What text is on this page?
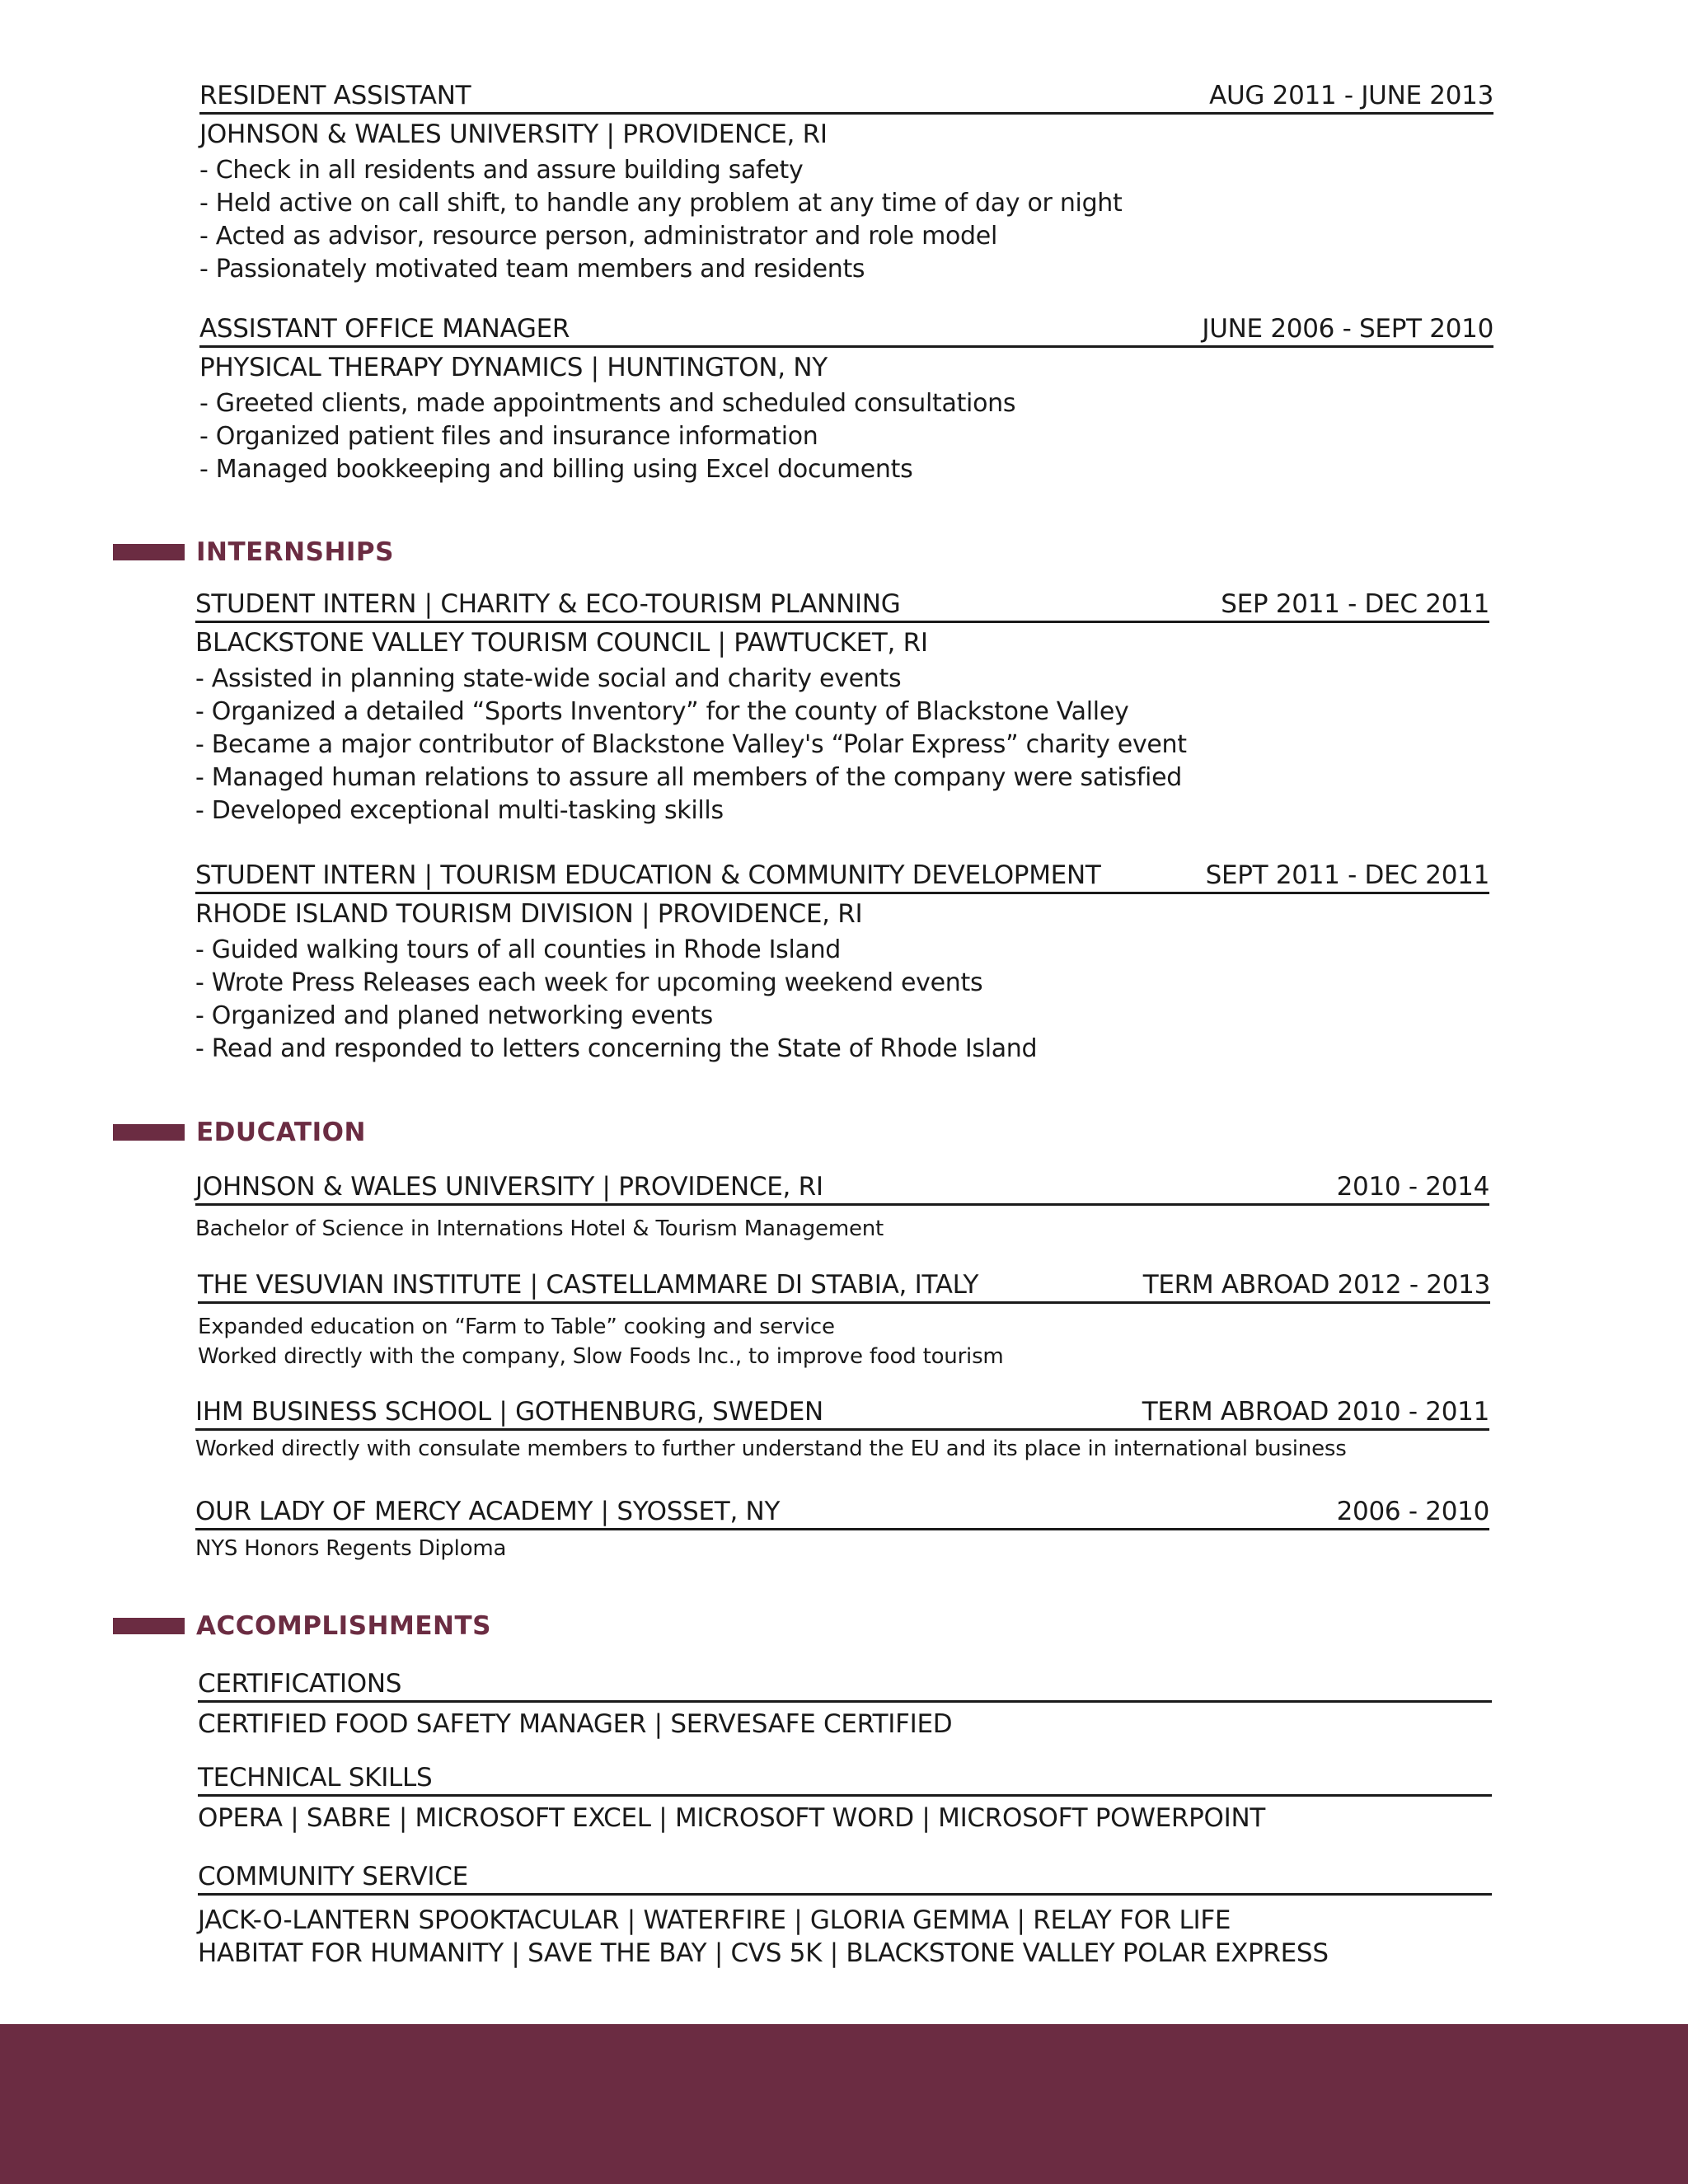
RESIDENT ASSISTANT	AUG 2011 - JUNE 2013
JOHNSON & WALES UNIVERSITY | PROVIDENCE, RI
- Check in all residents and assure building safety
- Held active on call shift, to handle any problem at any time of day or night
- Acted as advisor, resource person, administrator and role model
- Passionately motivated team members and residents
ASSISTANT OFFICE MANAGER	JUNE 2006 - SEPT 2010
PHYSICAL THERAPY DYNAMICS | HUNTINGTON, NY
- Greeted clients, made appointments and scheduled consultations
- Organized patient files and insurance information
- Managed bookkeeping and billing using Excel documents
INTERNSHIPS
STUDENT INTERN | CHARITY & ECO-TOURISM PLANNING	SEP 2011 - DEC 2011
BLACKSTONE VALLEY TOURISM COUNCIL | PAWTUCKET, RI
- Assisted in planning state-wide social and charity events
- Organized a detailed “Sports Inventory” for the county of Blackstone Valley
- Became a major contributor of Blackstone Valley's “Polar Express” charity event
- Managed human relations to assure all members of the company were satisfied
- Developed exceptional multi-tasking skills
STUDENT INTERN | TOURISM EDUCATION & COMMUNITY DEVELOPMENT	SEPT 2011 - DEC 2011
RHODE ISLAND TOURISM DIVISION | PROVIDENCE, RI
- Guided walking tours of all counties in Rhode Island
- Wrote Press Releases each week for upcoming weekend events
- Organized and planed networking events
- Read and responded to letters concerning the State of Rhode Island
EDUCATION
JOHNSON & WALES UNIVERSITY | PROVIDENCE, RI	2010 - 2014
Bachelor of Science in Internations Hotel & Tourism Management
THE VESUVIAN INSTITUTE | CASTELLAMMARE DI STABIA, ITALY	TERM ABROAD 2012 - 2013
Expanded education on “Farm to Table” cooking and service
Worked directly with the company, Slow Foods Inc., to improve food tourism
IHM BUSINESS SCHOOL | GOTHENBURG, SWEDEN	TERM ABROAD 2010 - 2011
Worked directly with consulate members to further understand the EU and its place in international business
OUR LADY OF MERCY ACADEMY | SYOSSET, NY	2006 - 2010
NYS Honors Regents Diploma
ACCOMPLISHMENTS
CERTIFICATIONS
CERTIFIED FOOD SAFETY MANAGER | SERVESAFE CERTIFIED
TECHNICAL SKILLS
OPERA | SABRE | MICROSOFT EXCEL | MICROSOFT WORD | MICROSOFT POWERPOINT
COMMUNITY SERVICE
JACK-O-LANTERN SPOOKTACULAR | WATERFIRE | GLORIA GEMMA | RELAY FOR LIFE
HABITAT FOR HUMANITY | SAVE THE BAY | CVS 5K | BLACKSTONE VALLEY POLAR EXPRESS
